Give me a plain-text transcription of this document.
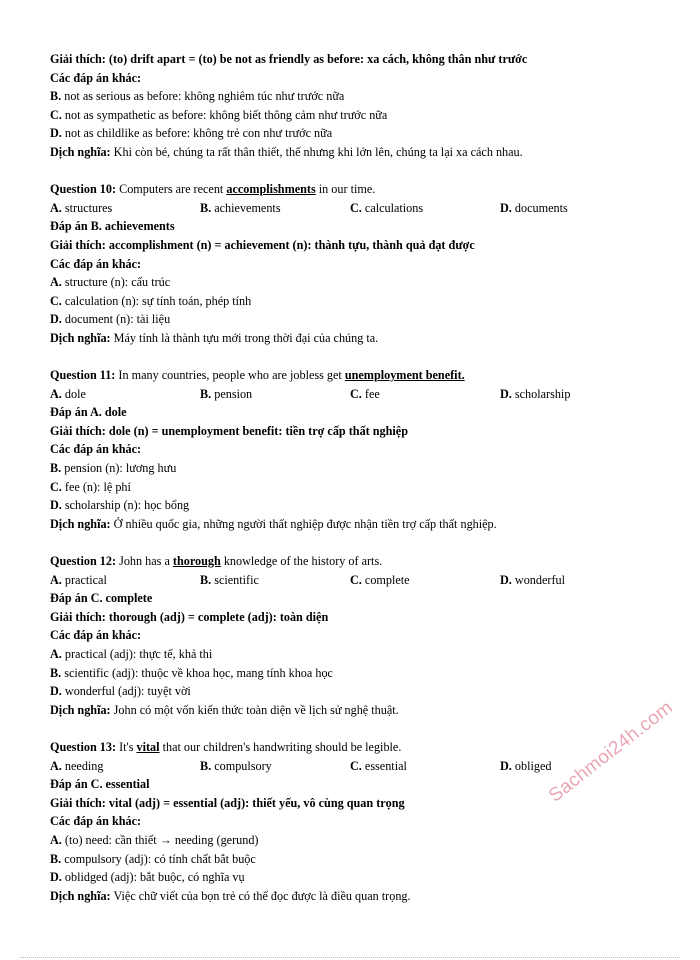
Giải thích: (to) drift apart = (to) be not as friendly as before: xa cách, không thân như trước
Các đáp án khác:
B. not as serious as before: không nghiêm túc như trước nữa
C. not as sympathetic as before: không biết thông cảm như trước nữa
D. not as childlike as before: không trẻ con như trước nữa
Dịch nghĩa: Khi còn bé, chúng ta rất thân thiết, thế nhưng khi lớn lên, chúng ta lại xa cách nhau.
Question 10: Computers are recent accomplishments in our time.
A. structures	B. achievements	C. calculations	D. documents
Đáp án B. achievements
Giải thích: accomplishment (n) = achievement (n): thành tựu, thành quả đạt được
Các đáp án khác:
A. structure (n): cấu trúc
C. calculation (n): sự tính toán, phép tính
D. document (n): tài liệu
Dịch nghĩa: Máy tính là thành tựu mới trong thời đại của chúng ta.
Question 11: In many countries, people who are jobless get unemployment benefit.
A. dole	B. pension	C. fee	D. scholarship
Đáp án A. dole
Giải thích: dole (n) = unemployment benefit: tiền trợ cấp thất nghiệp
Các đáp án khác:
B. pension (n): lương hưu
C. fee (n): lệ phí
D. scholarship (n): học bổng
Dịch nghĩa: Ở nhiều quốc gia, những người thất nghiệp được nhận tiền trợ cấp thất nghiệp.
Question 12: John has a thorough knowledge of the history of arts.
A. practical	B. scientific	C. complete	D. wonderful
Đáp án C. complete
Giải thích: thorough (adj) = complete (adj): toàn diện
Các đáp án khác:
A. practical (adj): thực tế, khả thi
B. scientific (adj): thuộc về khoa học, mang tính khoa học
D. wonderful (adj): tuyệt vời
Dịch nghĩa: John có một vốn kiến thức toàn diện về lịch sử nghệ thuật.
Question 13: It's vital that our children's handwriting should be legible.
A. needing	B. compulsory	C. essential	D. obliged
Đáp án C. essential
Giải thích: vital (adj) = essential (adj): thiết yếu, vô cùng quan trọng
Các đáp án khác:
A. (to) need: cần thiết → needing (gerund)
B. compulsory (adj): có tính chất bắt buộc
D. oblidged (adj): bắt buộc, có nghĩa vụ
Dịch nghĩa: Việc chữ viết của bọn trẻ có thể đọc được là điều quan trọng.
Sachmoi24h.com
